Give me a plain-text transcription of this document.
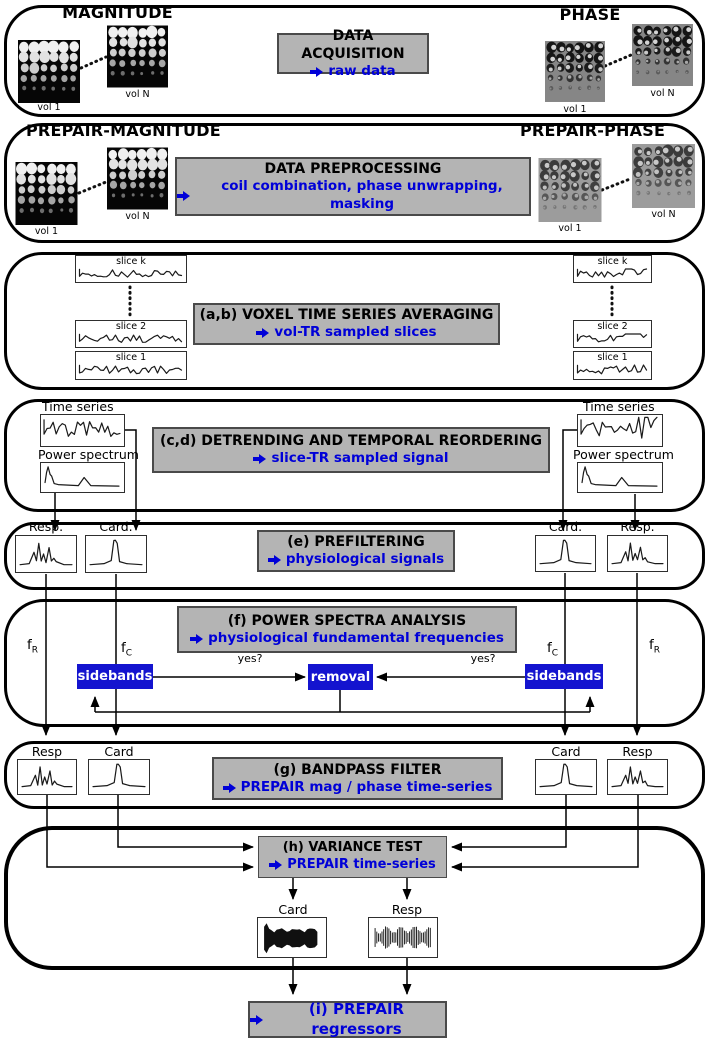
MAGNITUDE	PHASE
vol 1
vol N
vol 1
vol N
DATA ACQUISITION
raw data
PREPAIR-MAGNITUDE	PREPAIR-PHASE
vol 1
vol N
DATA PREPROCESSING
coil combination, phase unwrapping, masking
vol 1
vol N
slice k
slice 2
slice 1
(a,b) VOXEL TIME SERIES AVERAGING
vol-TR sampled slices
slice k
slice 2
slice 1
Time series
Power spectrum
(c,d) DETRENDING AND TEMPORAL REORDERING
slice-TR sampled signal
Time series
Power spectrum
Resp.	Card.
(e) PREFILTERING
physiological signals
Card.	Resp.
(f) POWER SPECTRA ANALYSIS
physiological fundamental frequencies
$f_R$	$f_C$	$f_C$
$f_R$
sidebands
yes?
removal
yes?
sidebands
Resp	Card
(g) BANDPASS FILTER
PREPAIR mag / phase time-series
Card	Resp
(h) VARIANCE TEST
PREPAIR time-series
Card	Resp
(i) PREPAIR regressors
